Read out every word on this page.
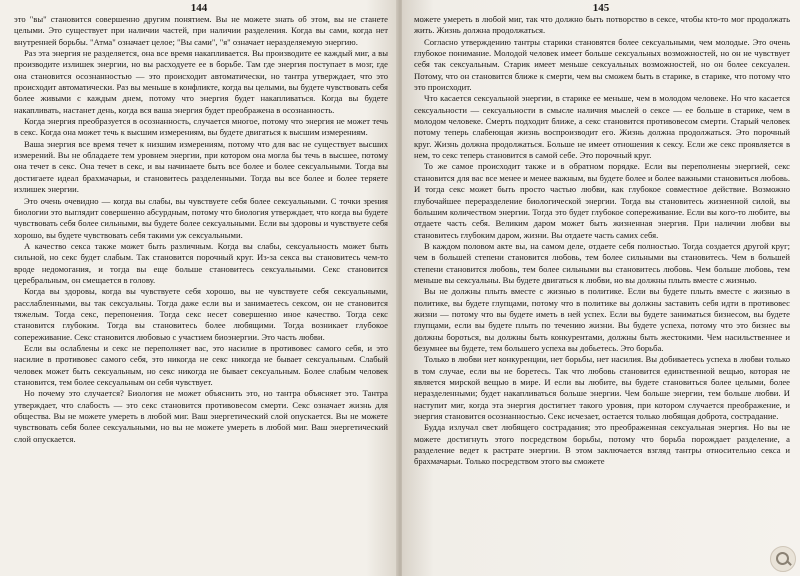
144

это "вы" становится совершенно другим понятием. Вы не можете знать об этом, вы не станете целыми. Это существует при наличии частей, при наличии разделения. Когда вы сами, когда нет внутренней борьбы. "Атма" означает целое; "Вы сами", "я" означает неразделяемую энергию.

Раз эта энергия не разделяется, она все время накапливается. Вы производите ее каждый миг, а вы производите излишек энергии, но вы расходуете ее в борьбе. Там где энергия поступает в мозг, где она становится осознанностью — это происходит автоматически, но тантра утверждает, что это происходит автоматически. Раз вы меньше в конфликте, когда вы целыми, вы будете чувствовать себя более живыми с каждым днем, потому что энергия будет накапливаться. Когда вы будете накапливать, настанет день, когда вся ваша энергия будет преображена в осознанность.

Когда энергия преобразуется в осознанность, случается многое, потому что энергия не может течь в секс. Когда она может течь к высшим измерениям, вы будете двигаться к высшим измерениям.

Ваша энергия все время течет к низшим измерениям, потому что для вас не существует высших измерений. Вы не обладаете тем уровнем энергии, при котором она могла бы течь в высшее, потому она течет в секс. Она течет в секс, и вы начинаете быть все более и более сексуальными. Тогда вы достигаете идеал брахмачарьи, и становитесь разделенными. Тогда вы все более и более теряете излишек энергии.

Это очень очевидно — когда вы слабы, вы чувствуете себя более сексуальными. С точки зрения биологии это выглядит совершенно абсурдным, потому что биология утверждает, что когда вы будете чувствовать себя более сильными, вы будете более сексуальными. Если вы здоровы и чувствуете себя хорошо, вы будете чувствовать себя такими уж сексуальными.

А качество секса также может быть различным. Когда вы слабы, сексуальность может быть сильной, но секс будет слабым. Так становится порочный круг. Из-за секса вы становитесь чем-то вроде недомогания, и тогда вы еще больше становитесь сексуальными. Секс становится церебральным, он смещается в голову.

Когда вы здоровы, когда вы чувствуете себя хорошо, вы не чувствуете себя сексуальными, расслабленными, вы так сексуальны. Тогда даже если вы и занимаетесь сексом, он не становится тяжелым. Тогда секс, перепонения. Тогда секс несет совершенно иное качество. Тогда секс становится глубоким. Тогда вы становитесь более любящими. Тогда возникает глубокое сопереживание. Секс становится любовью с участием биоэнергии. Это часть любви.

Если вы ослаблены и секс не переполняет вас, это насилие в противовес самого себя, и это насилие в противовес самого себя, это никогда не секс никогда не бывает сексуальным. Слабый человек может быть сексуальным, но секс никогда не бывает сексуальным. Более слабым человек становится, тем более сексуальным он себя чувствует.

Но почему это случается? Биология не может объяснить это, но тантра объясняет это. Тантра утверждает, что слабость — это секс становится противовесом смерти. Секс означает жизнь для общества. Вы не можете умереть в любой миг. Ваш энергетический слой опускается. Вы не можете чувствовать себя более сексуальными, но вы не можете умереть в любой миг. Ваш энергетический слой опускается.

145

можете умереть в любой миг, так что должно быть потворство в сексе, чтобы кто-то мог продолжать жить. Жизнь должна продолжаться.

Согласно утверждению тантры старики становятся более сексуальными, чем молодые. Это очень глубокое понимание. Молодой человек имеет больше сексуальных возможностей, но он не чувствует себя так сексуальным. Старик имеет меньше сексуальных возможностей, но он более сексуален. Потому, что он становится ближе к смерти, чем вы сможем быть в старике, в старике, что потому что это происходит.

Что касается сексуальной энергии, в старике ее меньше, чем в молодом человеке. Но что касается сексуальности — сексуальности в смысле наличия мыслей о сексе — ее больше в старике, чем в молодом человеке. Смерть подходит ближе, а секс становится противовесом смерти. Старый человек потому теперь слабеющая жизнь воспроизводит его. Жизнь должна продолжаться. Это порочный круг. Жизнь должна продолжаться. Больше не имеет отношения к сексу. Если же секс проявляется в нем, то секс теперь становится в самой себе. Это порочный круг.

То же самое происходит также и в обратном порядке. Если вы переполнены энергией, секс становится для вас все менее и менее важным, вы будете более и более важными становиться любовь. И тогда секс может быть просто частью любви, как глубокое совместное действие. Возможно глубочайшее переразделение биологической энергии. Тогда вы становитесь жизненной силой, вы большим количеством энергии. Тогда это будет глубокое сопереживание. Если вы кого-то любите, вы отдаете часть себя. Великим даром может быть жизненная энергия. При наличии любви вы становитесь глубоким даром, жизни. Вы отдаете часть самих себя.

В каждом половом акте вы, на самом деле, отдаете себя полностью. Тогда создается другой круг; чем в большей степени становится любовь, тем более сильными вы становитесь. Чем в большей степени становится любовь, тем более сильными вы становитесь любовь. Чем больше любовь, тем меньше вы сексуальны. Вы будете двигаться к любви, но вы должны плыть вместе с жизнью.

Вы не должны плыть вместе с жизнью в политике. Если вы будете плыть вместе с жизнью в политике, вы будете глупцами, потому что в политике вы должны заставить себя идти в противовес жизни — потому что вы будете иметь в ней успех. Если вы будете заниматься бизнесом, вы будете глупцами, если вы будете плыть по течению жизни. Вы будете успеха, потому что это бизнес вы должны бороться, вы должны быть конкурентами, должны быть жестокими. Чем насильственнее и безумнее вы будете, тем большего успеха вы добьетесь. Это борьба.

Только в любви нет конкуренции, нет борьбы, нет насилия. Вы добиваетесь успеха в любви только в том случае, если вы не боретесь. Так что любовь становится единственной вещью, которая не является мирской вещью в мире. И если вы любите, вы будете становиться более целыми, более неразделенными; будет накапливаться больше энергии. Чем больше энергии, тем больше любви. И наступит миг, когда эта энергия достигнет такого уровня, при котором случается преображение, и энергия становится осознанностью. Секс исчезает, остается только любящая доброта, сострадание.

Будда излучал свет любящего сострадания; это преображенная сексуальная энергия. Но вы не можете достигнуть этого посредством борьбы, потому что борьба порождает разделение, а разделение ведет к растрате энергии. В этом заключается взгляд тантры относительно секса и брахмачарьи. Только посредством этого вы сможете
